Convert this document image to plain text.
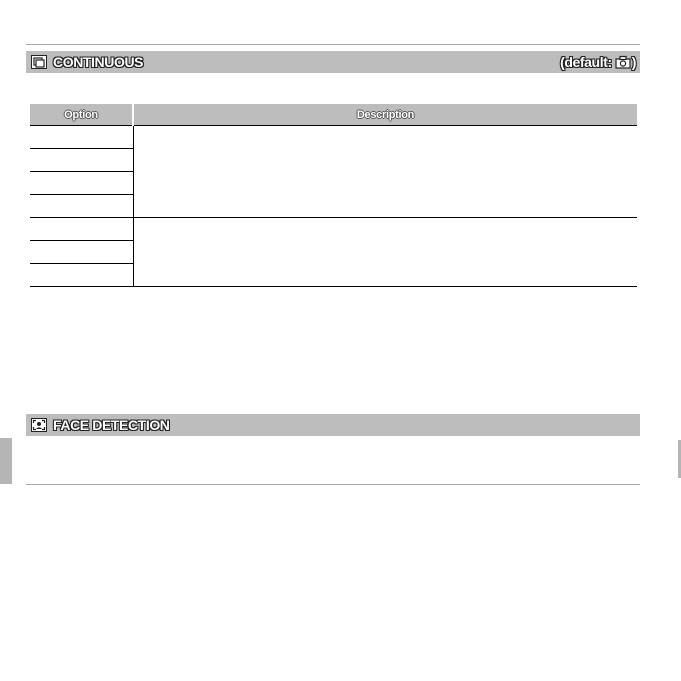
CONTINUOUS	(default: )
Option	Description

FACE DETECTION
